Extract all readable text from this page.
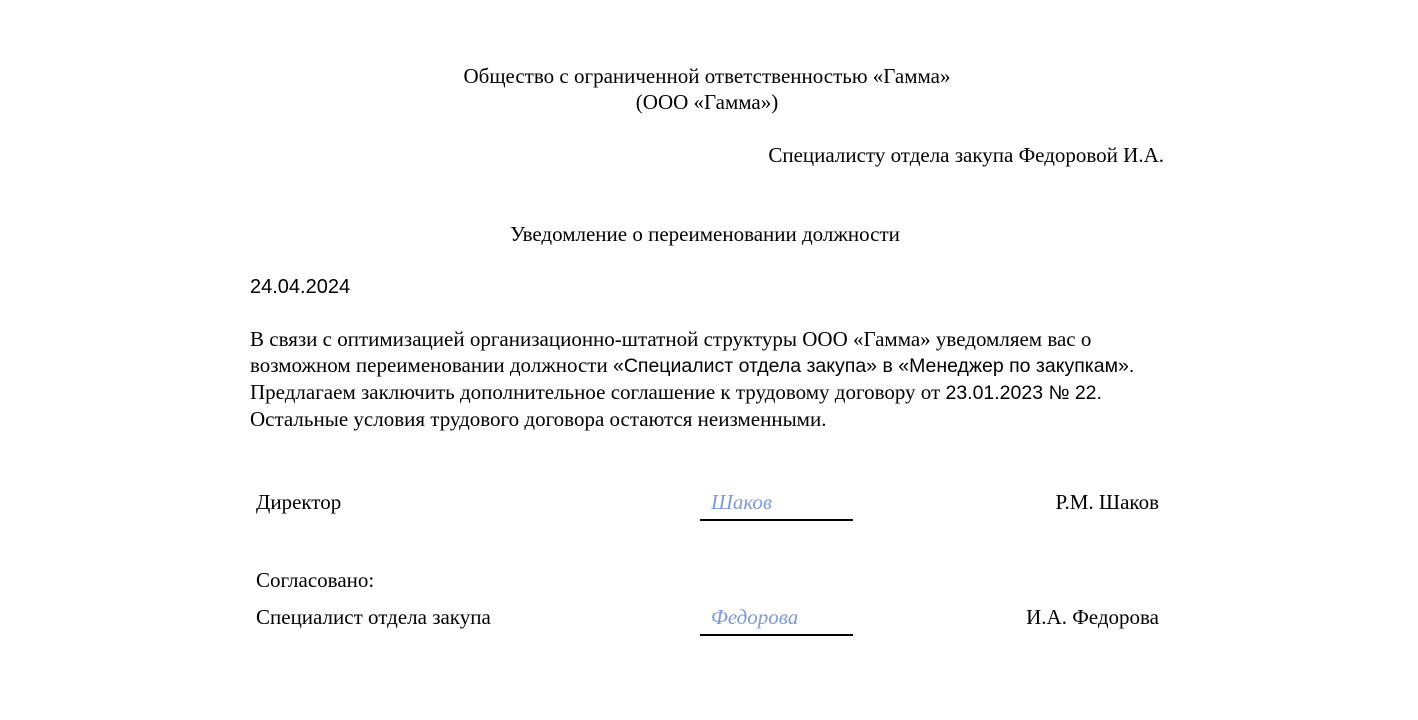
Общество с ограниченной ответственностью «Гамма»
(ООО «Гамма»)
Специалисту отдела закупа Федоровой И.А.
Уведомление о переименовании должности
24.04.2024
В связи с оптимизацией организационно-штатной структуры ООО «Гамма» уведомляем вас о
возможном переименовании должности «Специалист отдела закупа» в «Менеджер по закупкам».
Предлагаем заключить дополнительное соглашение к трудовому договору от 23.01.2023 № 22.
Остальные условия трудового договора остаются неизменными.
Директор	Шаков	Р.М. Шаков
Согласовано:
Специалист отдела закупа	Федорова	И.А. Федорова
